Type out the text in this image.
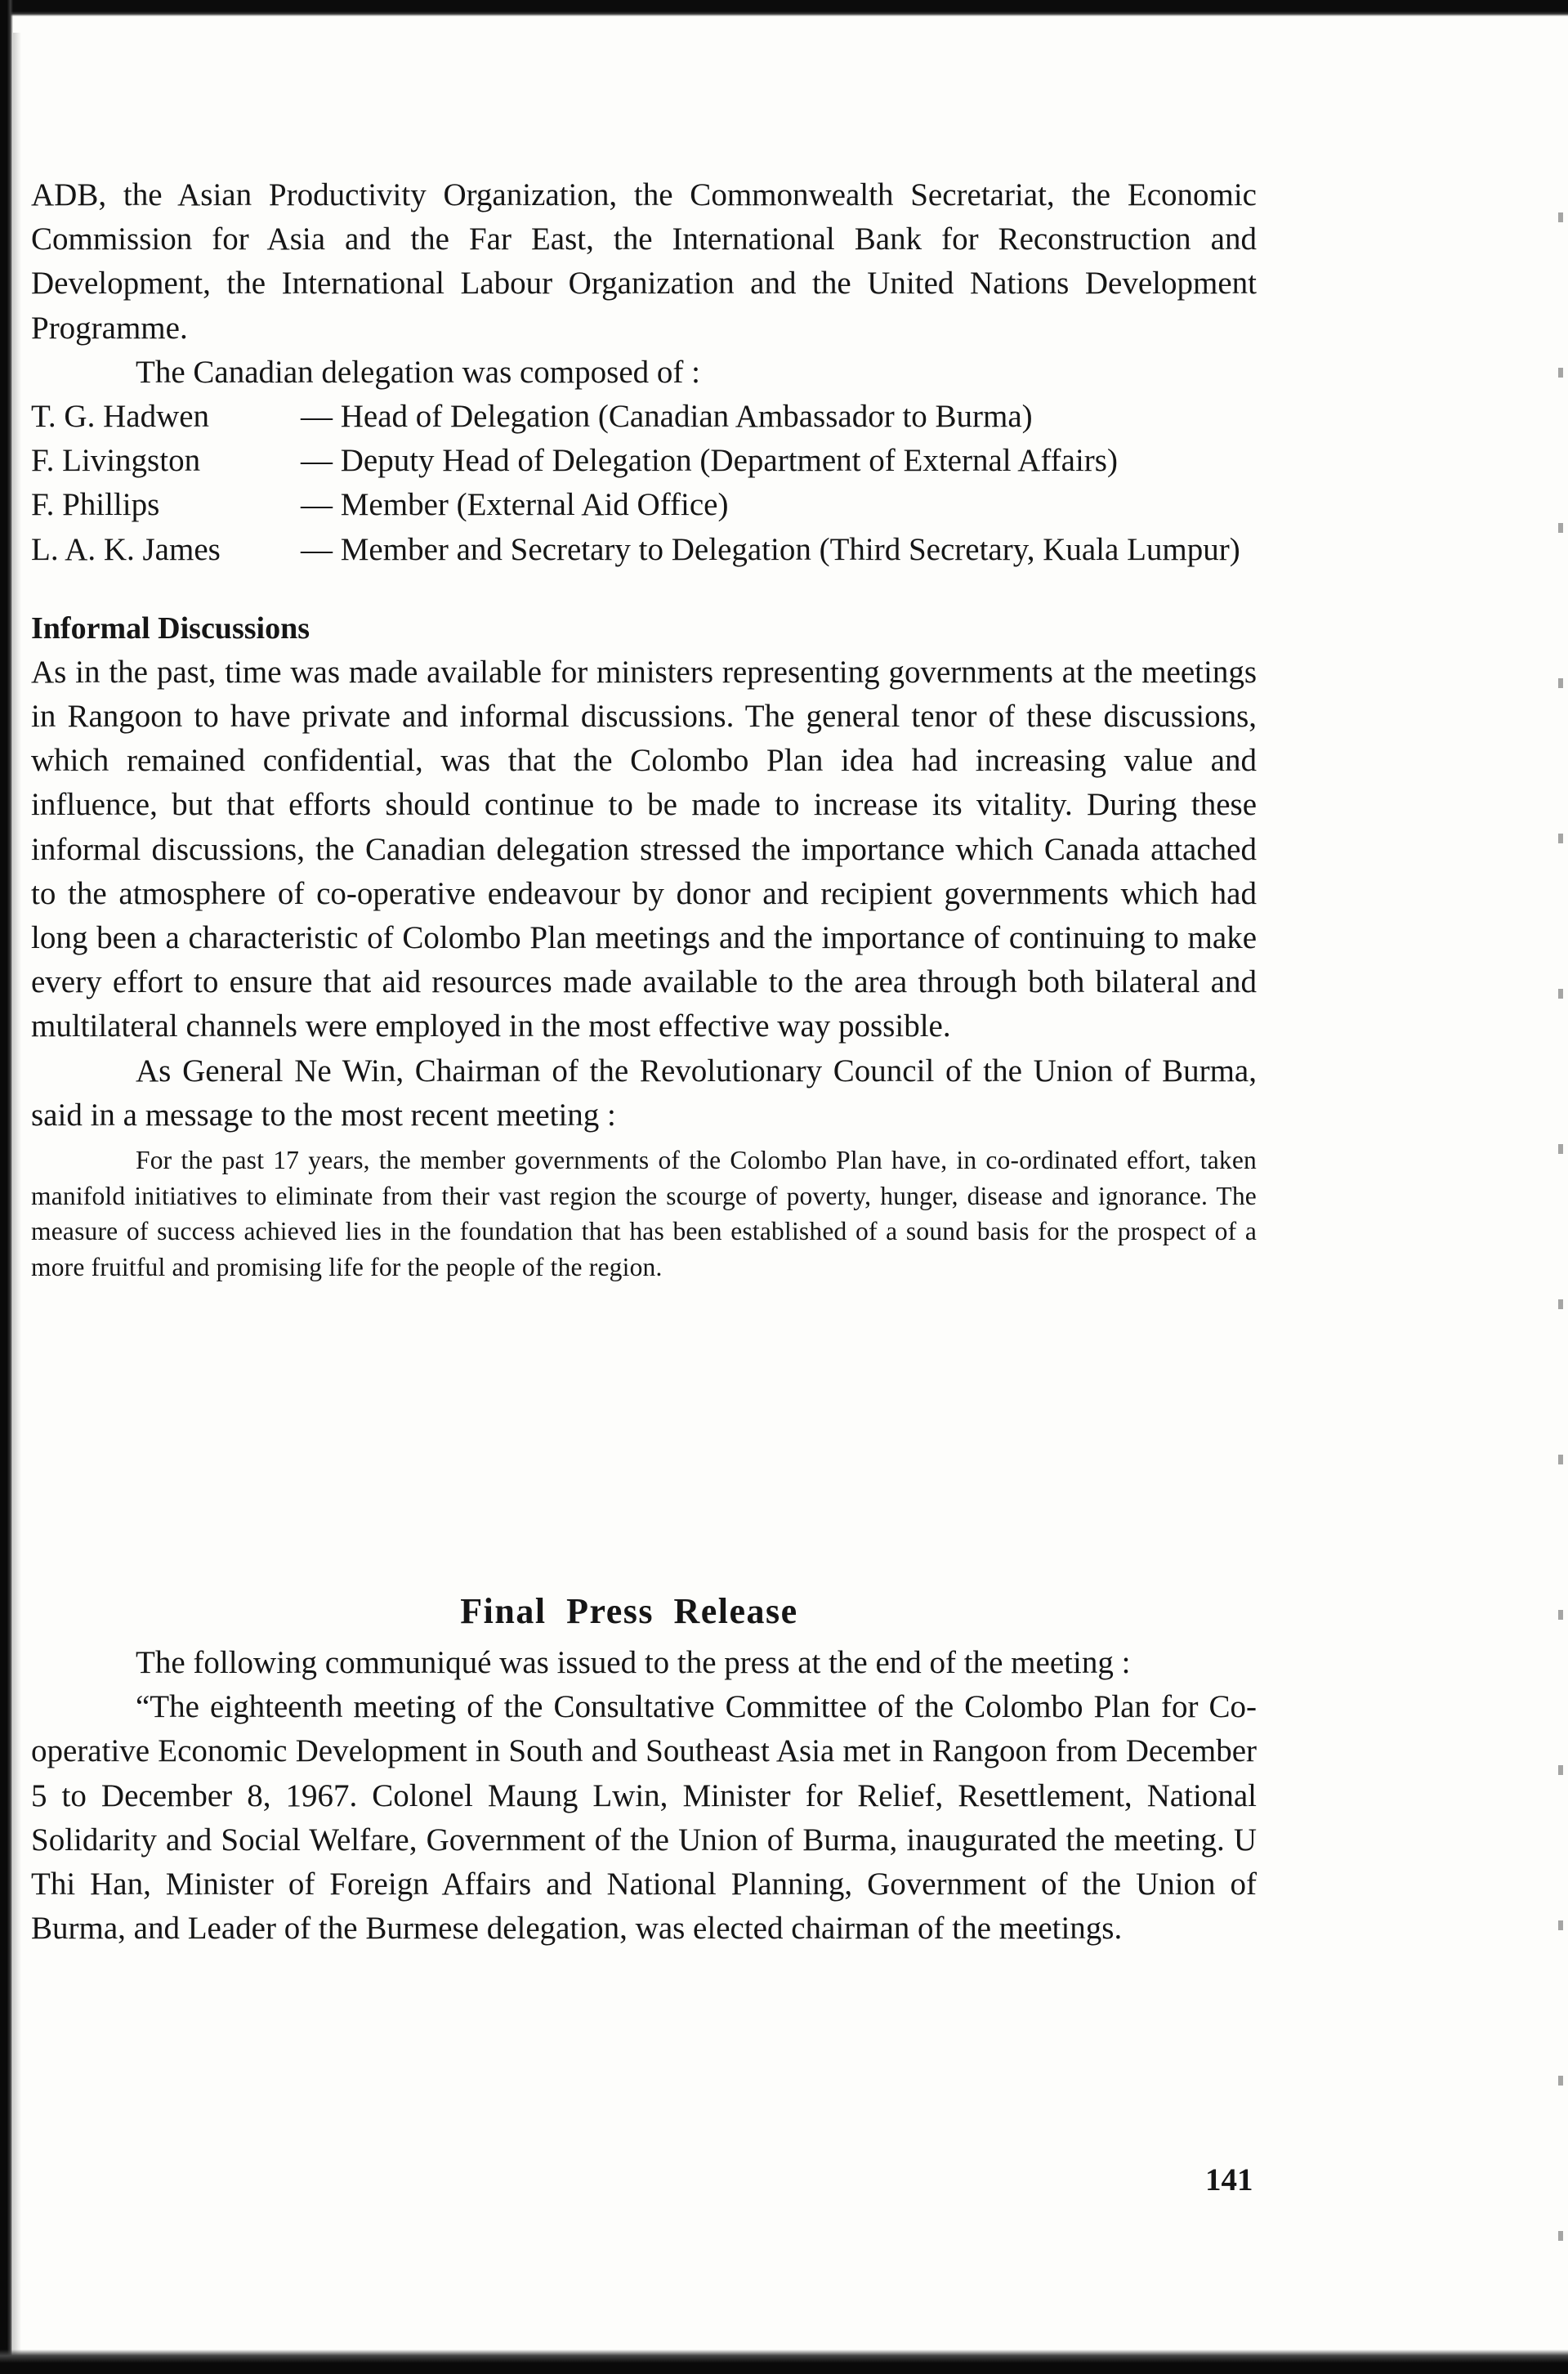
ADB, the Asian Productivity Organization, the Commonwealth Secretariat, the Economic Commission for Asia and the Far East, the International Bank for Reconstruction and Development, the International Labour Organization and the United Nations Development Programme.

The Canadian delegation was composed of :

T. G. Hadwen	— Head of Delegation (Canadian Ambassador to Burma)
F. Livingston	— Deputy Head of Delegation (Department of External Affairs)
F. Phillips	— Member (External Aid Office)
L. A. K. James	— Member and Secretary to Delegation (Third Secretary, Kuala Lumpur)
Informal Discussions

As in the past, time was made available for ministers representing governments at the meetings in Rangoon to have private and informal discussions. The general tenor of these discussions, which remained confidential, was that the Colombo Plan idea had increasing value and influence, but that efforts should continue to be made to increase its vitality. During these informal discussions, the Canadian delegation stressed the importance which Canada attached to the atmosphere of co-operative endeavour by donor and recipient governments which had long been a characteristic of Colombo Plan meetings and the importance of continuing to make every effort to ensure that aid resources made available to the area through both bilateral and multilateral channels were employed in the most effective way possible.

As General Ne Win, Chairman of the Revolutionary Council of the Union of Burma, said in a message to the most recent meeting :

For the past 17 years, the member governments of the Colombo Plan have, in co-ordinated effort, taken manifold initiatives to eliminate from their vast region the scourge of poverty, hunger, disease and ignorance. The measure of success achieved lies in the foundation that has been established of a sound basis for the prospect of a more fruitful and promising life for the people of the region.

Final Press Release

The following communiqué was issued to the press at the end of the meeting :

“The eighteenth meeting of the Consultative Committee of the Colombo Plan for Co-operative Economic Development in South and Southeast Asia met in Rangoon from December 5 to December 8, 1967. Colonel Maung Lwin, Minister for Relief, Resettlement, National Solidarity and Social Welfare, Government of the Union of Burma, inaugurated the meeting. U Thi Han, Minister of Foreign Affairs and National Planning, Government of the Union of Burma, and Leader of the Burmese delegation, was elected chairman of the meetings.

141
